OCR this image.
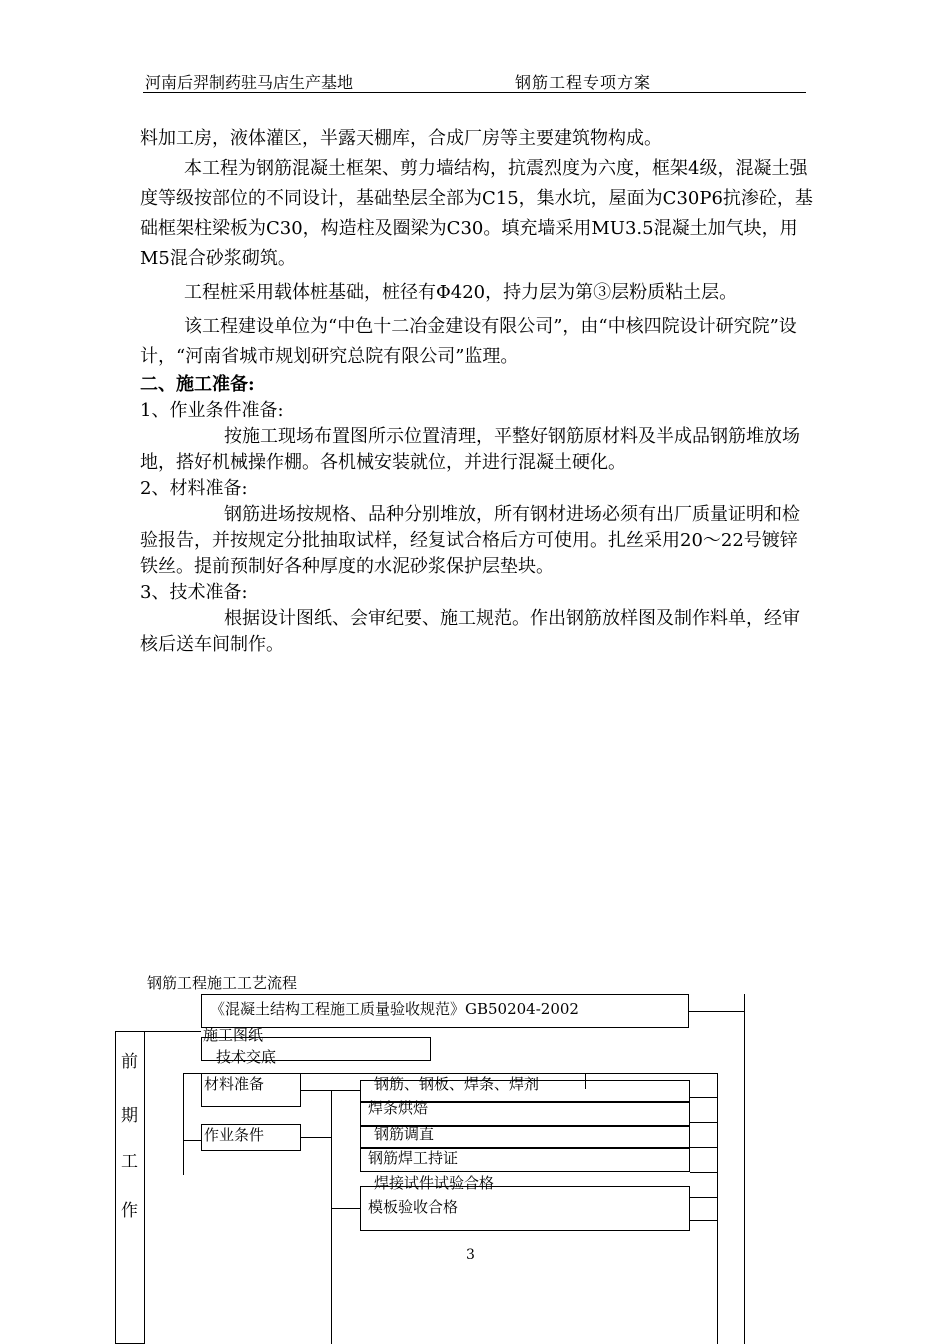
河南后羿制药驻马店生产基地	钢筋工程专项方案

料加工房，液体灌区，半露天棚库，合成厂房等主要建筑物构成。

本工程为钢筋混凝土框架、剪力墙结构，抗震烈度为六度，框架4级，混凝土强度等级按部位的不同设计，基础垫层全部为C15，集水坑，屋面为C30P6抗渗砼，基础框架柱梁板为C30，构造柱及圈梁为C30。填充墙采用MU3.5混凝土加气块，用M5混合砂浆砌筑。

工程桩采用载体桩基础，桩径有Φ420，持力层为第③层粉质粘土层。

该工程建设单位为“中色十二冶金建设有限公司”，由“中核四院设计研究院”设计，“河南省城市规划研究总院有限公司”监理。

二、施工准备:

1、作业条件准备:

按施工现场布置图所示位置清理，平整好钢筋原材料及半成品钢筋堆放场地，搭好机械操作棚。各机械安装就位，并进行混凝土硬化。

2、材料准备:

钢筋进场按规格、品种分别堆放，所有钢材进场必须有出厂质量证明和检验报告，并按规定分批抽取试样，经复试合格后方可使用。扎丝采用20～22号镀锌铁丝。提前预制好各种厚度的水泥砂浆保护层垫块。

3、技术准备:

根据设计图纸、会审纪要、施工规范。作出钢筋放样图及制作料单，经审核后送车间制作。

钢筋工程施工工艺流程
前
期
工
作
《混凝土结构工程施工质量验收规范》GB50204-2002
施工图纸
技术交底
材料准备
作业条件
钢筋、钢板、焊条、焊剂
焊条烘焙
钢筋调直
钢筋焊工持证
焊接试件试验合格
模板验收合格
3
